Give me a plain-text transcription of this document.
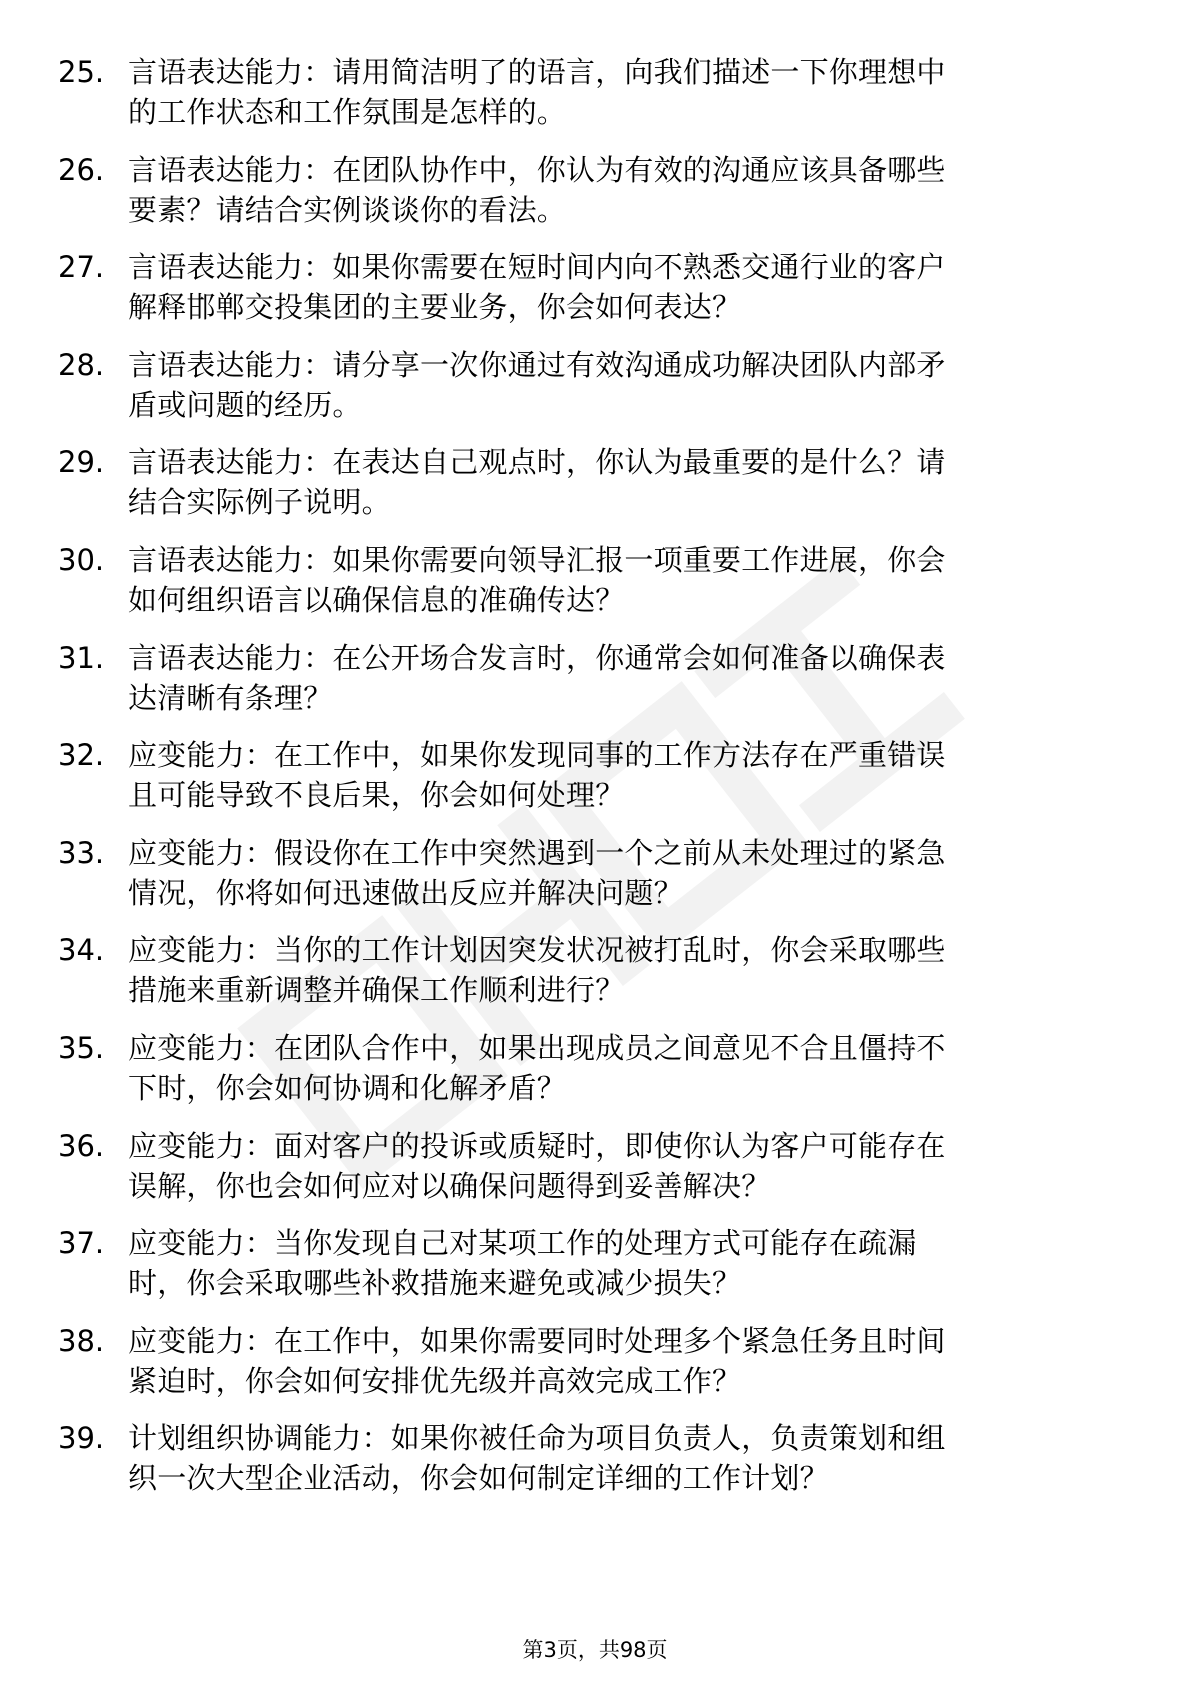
25. 言语表达能力：请用简洁明了的语言，向我们描述一下你理想中
的工作状态和工作氛围是怎样的。
26. 言语表达能力：在团队协作中，你认为有效的沟通应该具备哪些
要素？请结合实例谈谈你的看法。
27. 言语表达能力：如果你需要在短时间内向不熟悉交通行业的客户
解释邯郸交投集团的主要业务，你会如何表达？
28. 言语表达能力：请分享一次你通过有效沟通成功解决团队内部矛
盾或问题的经历。
29. 言语表达能力：在表达自己观点时，你认为最重要的是什么？请
结合实际例子说明。
30. 言语表达能力：如果你需要向领导汇报一项重要工作进展，你会
如何组织语言以确保信息的准确传达？
31. 言语表达能力：在公开场合发言时，你通常会如何准备以确保表
达清晰有条理？
32. 应变能力：在工作中，如果你发现同事的工作方法存在严重错误
且可能导致不良后果，你会如何处理？
33. 应变能力：假设你在工作中突然遇到一个之前从未处理过的紧急
情况，你将如何迅速做出反应并解决问题？
34. 应变能力：当你的工作计划因突发状况被打乱时，你会采取哪些
措施来重新调整并确保工作顺利进行？
35. 应变能力：在团队合作中，如果出现成员之间意见不合且僵持不
下时，你会如何协调和化解矛盾？
36. 应变能力：面对客户的投诉或质疑时，即使你认为客户可能存在
误解，你也会如何应对以确保问题得到妥善解决？
37. 应变能力：当你发现自己对某项工作的处理方式可能存在疏漏
时，你会采取哪些补救措施来避免或减少损失？
38. 应变能力：在工作中，如果你需要同时处理多个紧急任务且时间
紧迫时，你会如何安排优先级并高效完成工作？
39. 计划组织协调能力：如果你被任命为项目负责人，负责策划和组
织一次大型企业活动，你会如何制定详细的工作计划？
第3页，共98页
